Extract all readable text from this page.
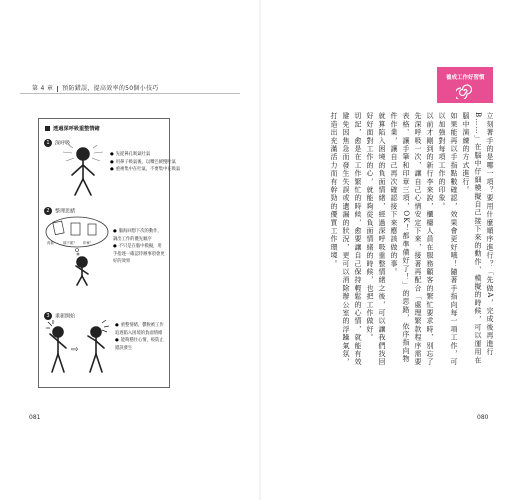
第 4 章 預防錯誤，提高效率的50個小技巧
透過深呼吸重整情緒
1 深呼吸
● 先從鼻孔吸氣吐氣
● 用鼻子吸氣後，以嘴巴緩慢吐氣
● 重複集中在吐氣，不要集中在吸氣
2 整理思緒
再看	那下面？ 印章！
● 腦海回想下次的動作，調出工作的優先順序
● 不只是在腦中模擬，用手指逐一確認待辦事項會更好的效果
3 重新開始
⇨
● 重整情緒，鬱脫被工作追逐陷入困境的負面情緒
● 能夠穩住心情，較防止錯誤發生
081
養成工作好習慣
立刻著手的是哪一項？要用什麼順序進行？「先做A，完成後再進行B……」在腦中仔細模擬自己接下來的動作，模擬的時候，可以運用在腦中演練的方式進行。
如果能再以手指點數確認，效果會更好哦！隨著手指向每一項工作，可以加強對每項工作的印象。
以前才剛到的新行李來說，櫃檯人員在服務顧客的繁忙要求時，別忘了先深呼吸一次，讓自己心情安定下來，接著再配合「處理繁款程序需要表格、讓手筆和印章三項，OK！都準備好了！」的思路，依序指向物件作業，讓自己再次確認接下來應該做的事。
就算陷入困境的負面情緒，經過深呼吸重整情緒之後，可以讓我們找回好好面對工作的心，就能夠從負面情緒的時候，也把工作做好。
切記，愈是在工作繁忙的時候，愈要讓自己保持輕鬆的心情，就能有效避免因焦急而發生失誤或遺漏的狀況，更可以消除辦公室的浮躁氣氛，打造出充滿活力而有幹勁的優質工作環境。
080
